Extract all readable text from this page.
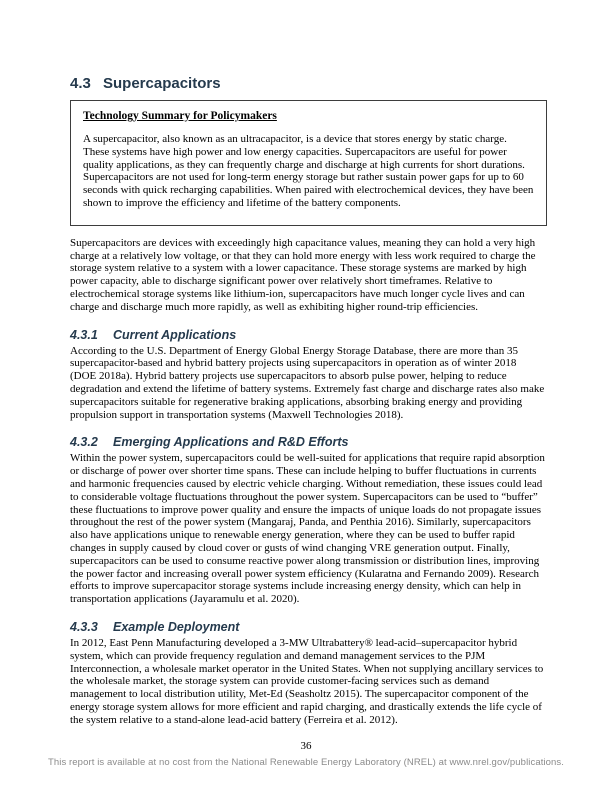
4.3 Supercapacitors
Technology Summary for Policymakers

A supercapacitor, also known as an ultracapacitor, is a device that stores energy by static charge. These systems have high power and low energy capacities. Supercapacitors are useful for power quality applications, as they can frequently charge and discharge at high currents for short durations. Supercapacitors are not used for long-term energy storage but rather sustain power gaps for up to 60 seconds with quick recharging capabilities. When paired with electrochemical devices, they have been shown to improve the efficiency and lifetime of the battery components.

Supercapacitors are devices with exceedingly high capacitance values, meaning they can hold a very high charge at a relatively low voltage, or that they can hold more energy with less work required to charge the storage system relative to a system with a lower capacitance. These storage systems are marked by high power capacity, able to discharge significant power over relatively short timeframes. Relative to electrochemical storage systems like lithium-ion, supercapacitors have much longer cycle lives and can charge and discharge much more rapidly, as well as exhibiting higher round-trip efficiencies.

4.3.1	Current Applications

According to the U.S. Department of Energy Global Energy Storage Database, there are more than 35 supercapacitor-based and hybrid battery projects using supercapacitors in operation as of winter 2018 (DOE 2018a). Hybrid battery projects use supercapacitors to absorb pulse power, helping to reduce degradation and extend the lifetime of battery systems. Extremely fast charge and discharge rates also make supercapacitors suitable for regenerative braking applications, absorbing braking energy and providing propulsion support in transportation systems (Maxwell Technologies 2018).

4.3.2	Emerging Applications and R&D Efforts

Within the power system, supercapacitors could be well-suited for applications that require rapid absorption or discharge of power over shorter time spans. These can include helping to buffer fluctuations in currents and harmonic frequencies caused by electric vehicle charging. Without remediation, these issues could lead to considerable voltage fluctuations throughout the power system. Supercapacitors can be used to “buffer” these fluctuations to improve power quality and ensure the impacts of unique loads do not propagate issues throughout the rest of the power system (Mangaraj, Panda, and Penthia 2016). Similarly, supercapacitors also have applications unique to renewable energy generation, where they can be used to buffer rapid changes in supply caused by cloud cover or gusts of wind changing VRE generation output. Finally, supercapacitors can be used to consume reactive power along transmission or distribution lines, improving the power factor and increasing overall power system efficiency (Kularatna and Fernando 2009). Research efforts to improve supercapacitor storage systems include increasing energy density, which can help in transportation applications (Jayaramulu et al. 2020).

4.3.3	Example Deployment

In 2012, East Penn Manufacturing developed a 3-MW Ultrabattery® lead-acid–supercapacitor hybrid system, which can provide frequency regulation and demand management services to the PJM Interconnection, a wholesale market operator in the United States. When not supplying ancillary services to the wholesale market, the storage system can provide customer-facing services such as demand management to local distribution utility, Met-Ed (Seasholtz 2015). The supercapacitor component of the energy storage system allows for more efficient and rapid charging, and drastically extends the life cycle of the system relative to a stand-alone lead-acid battery (Ferreira et al. 2012).

36
This report is available at no cost from the National Renewable Energy Laboratory (NREL) at www.nrel.gov/publications.
